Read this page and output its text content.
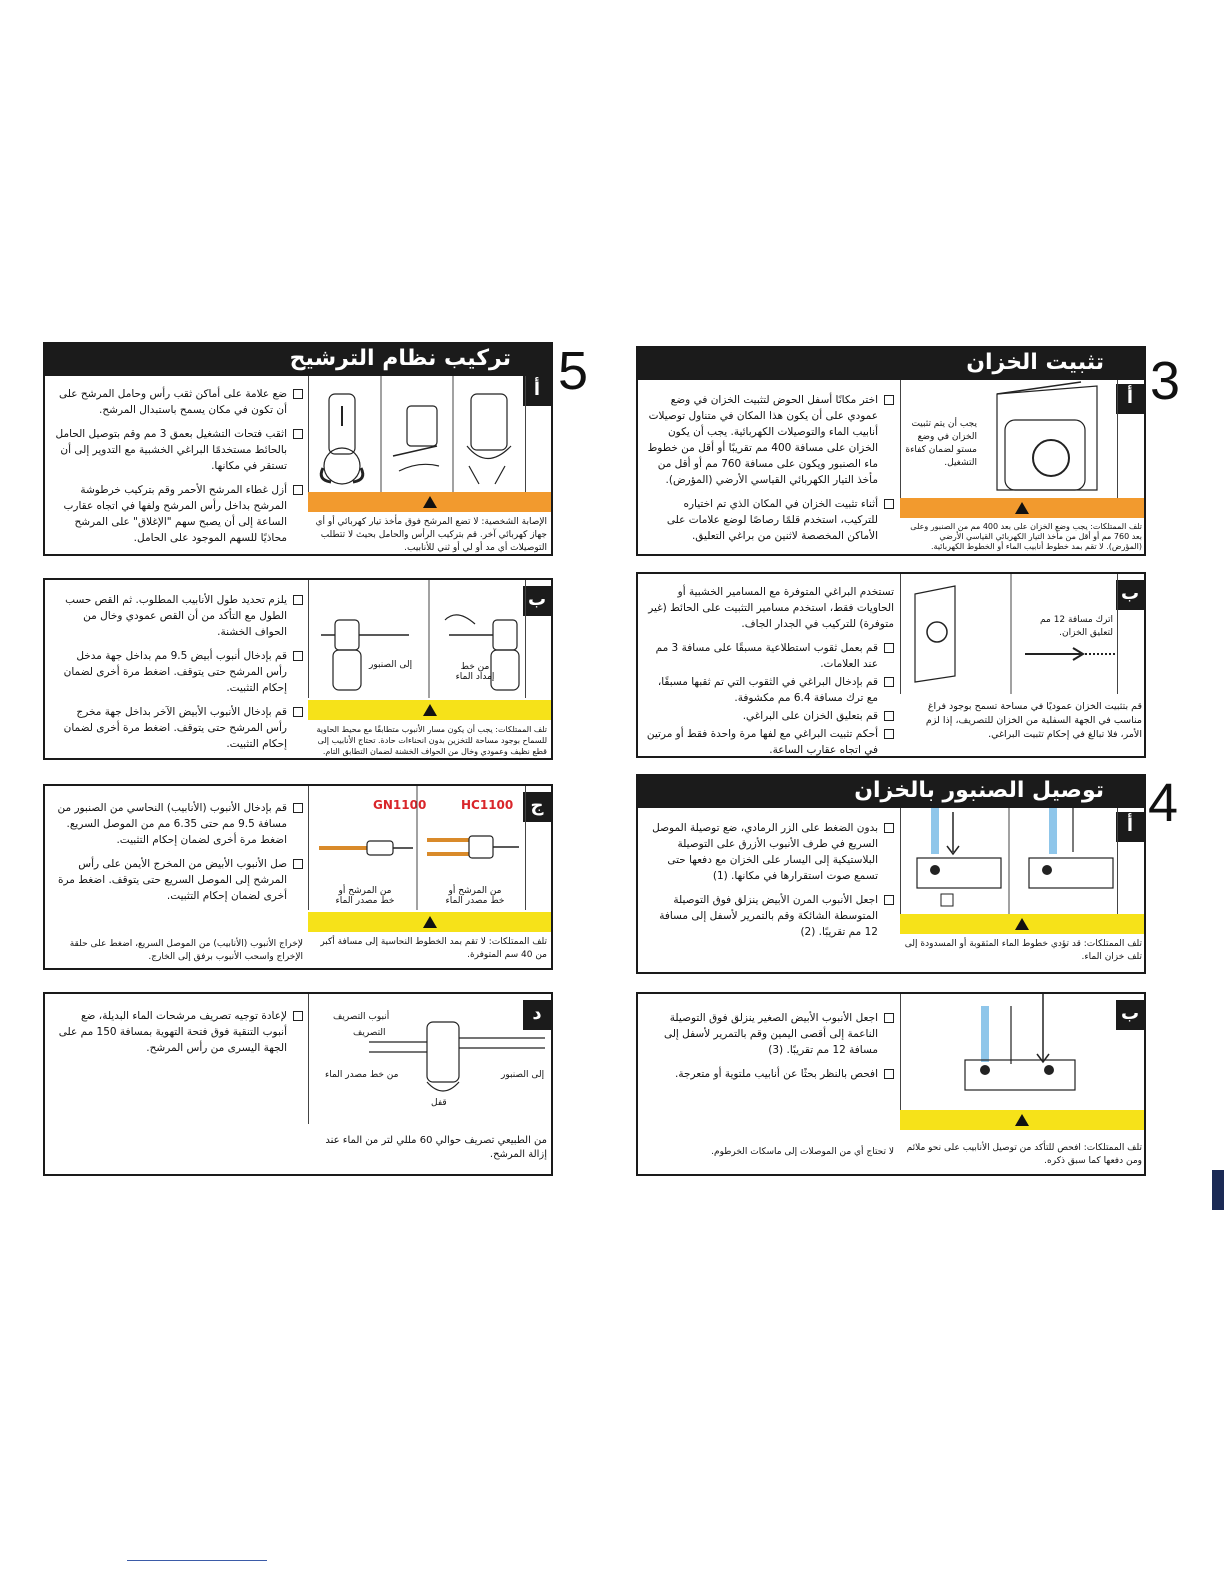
5
تركيب نظام الترشيح
أ
ضع علامة على أماكن ثقب رأس وحامل المرشح على أن تكون في مكان يسمح باستبدال المرشح.
اثقب فتحات التشغيل بعمق 3 مم وقم بتوصيل الحامل بالحائط مستخدمًا البراغي الخشبية مع التدوير إلى أن تستقر في مكانها.
أزل غطاء المرشح الأحمر وقم بتركيب خرطوشة المرشح بداخل رأس المرشح ولفها في اتجاه عقارب الساعة إلى أن يصبح سهم "الإغلاق" على المرشح محاذيًا للسهم الموجود على الحامل.
الإصابة الشخصية: لا تضع المرشح فوق مأخذ تيار كهربائي أو أي جهاز كهربائي آخر. قم بتركيب الرأس والحامل بحيث لا تتطلب التوصيلات أي مد أو لي أو ثني للأنابيب.
ب
يلزم تحديد طول الأنابيب المطلوب. ثم القص حسب الطول مع التأكد من أن القص عمودي وخال من الحواف الخشنة.
قم بإدخال أنبوب أبيض 9.5 مم بداخل جهة مدخل رأس المرشح حتى يتوقف. اضغط مرة أخرى لضمان إحكام التثبيت.
قم بإدخال الأنبوب الأبيض الآخر بداخل جهة مخرج رأس المرشح حتى يتوقف. اضغط مرة أخرى لضمان إحكام التثبيت.
إلى الصنبور	من خط إمداد الماء
تلف الممتلكات: يجب أن يكون مسار الأنبوب متطابقًا مع محيط الحاوية للسماح بوجود مساحة للتخزين بدون انحناءات حادة. تحتاج الأنابيب إلى قطع نظيف وعمودي وخال من الحواف الخشنة لضمان التطابق التام.
ج
قم بإدخال الأنبوب (الأنابيب) النحاسي من الصنبور من مسافة 9.5 مم حتى 6.35 مم من الموصل السريع. اضغط مرة أخرى لضمان إحكام التثبيت.
صل الأنبوب الأبيض من المخرج الأيمن على رأس المرشح إلى الموصل السريع حتى يتوقف. اضغط مرة أخرى لضمان إحكام التثبيت.
لإخراج الأنبوب (الأنابيب) من الموصل السريع، اضغط على حلقة الإخراج واسحب الأنبوب برفق إلى الخارج.
GN1100	HC1100
من المرشح أو خط مصدر الماء
من المرشح أو خط مصدر الماء
تلف الممتلكات: لا تقم بمد الخطوط النحاسية إلى مسافة أكبر من 40 سم المتوفرة.
د
لإعادة توجيه تصريف مرشحات الماء البديلة، ضع أنبوب التنقية فوق فتحة التهوية بمسافة 150 مم على الجهة اليسرى من رأس المرشح.
أنبوب التصريف
التصريف
من خط مصدر الماء	إلى الصنبور
قفل
من الطبيعي تصريف حوالي 60 مللي لتر من الماء عند إزالة المرشح.
3
تثبيت الخزان
أ
اختر مكانًا أسفل الحوض لتثبيت الخزان في وضع عمودي على أن يكون هذا المكان في متناول توصيلات أنابيب الماء والتوصيلات الكهربائية. يجب أن يكون الخزان على مسافة 400 مم تقريبًا أو أقل من خطوط ماء الصنبور ويكون على مسافة 760 مم أو أقل من مأخذ التيار الكهربائي القياسي الأرضي (المؤرض).
أثناء تثبيت الخزان في المكان الذي تم اختياره للتركيب، استخدم قلمًا رصاصًا لوضع علامات على الأماكن المخصصة لاثنين من براغي التعليق.
يجب أن يتم تثبيت الخزان في وضع مستو لضمان كفاءة التشغيل.
تلف الممتلكات: يجب وضع الخزان على بعد 400 مم من الصنبور وعلى بعد 760 مم أو أقل من مأخذ التيار الكهربائي القياسي الأرضي (المؤرض). لا تقم بمد خطوط أنابيب الماء أو الخطوط الكهربائية.
ب
تستخدم البراغي المتوفرة مع المسامير الخشبية أو الحاويات فقط، استخدم مسامير التثبيت على الحائط (غير متوفرة) للتركيب في الجدار الجاف.
قم بعمل ثقوب استطلاعية مسبقًا على مسافة 3 مم عند العلامات.
قم بإدخال البراغي في الثقوب التي تم ثقبها مسبقًا، مع ترك مسافة 6.4 مم مكشوفة.
قم بتعليق الخزان على البراغي.
أحكم تثبيت البراغي مع لفها مرة واحدة فقط أو مرتين في اتجاه عقارب الساعة.
اترك مسافة 12 مم لتعليق الخزان.
قم بتثبيت الخزان عموديًا في مساحة تسمح بوجود فراغ مناسب في الجهة السفلية من الخزان للتصريف، إذا لزم الأمر، فلا تبالغ في إحكام تثبيت البراغي.
4
توصيل الصنبور بالخزان
أ
بدون الضغط على الزر الرمادي، ضع توصيلة الموصل السريع في طرف الأنبوب الأزرق على التوصيلة البلاستيكية إلى اليسار على الخزان مع دفعها حتى تسمع صوت استقرارها في مكانها. (1)
اجعل الأنبوب المرن الأبيض ينزلق فوق التوصيلة المتوسطة الشائكة وقم بالتمرير لأسفل إلى مسافة 12 مم تقريبًا. (2)
تلف الممتلكات: قد تؤدي خطوط الماء المثقوبة أو المسدودة إلى تلف خزان الماء.
ب
اجعل الأنبوب الأبيض الصغير ينزلق فوق التوصيلة الناعمة إلى أقصى اليمين وقم بالتمرير لأسفل إلى مسافة 12 مم تقريبًا. (3)
افحص بالنظر بحثًا عن أنابيب ملتوية أو متعرجة.
لا تحتاج أي من الموصلات إلى ماسكات الخرطوم. تلف الممتلكات: افحص للتأكد من توصيل الأنابيب على نحو ملائم ومن دفعها كما سبق ذكره.
